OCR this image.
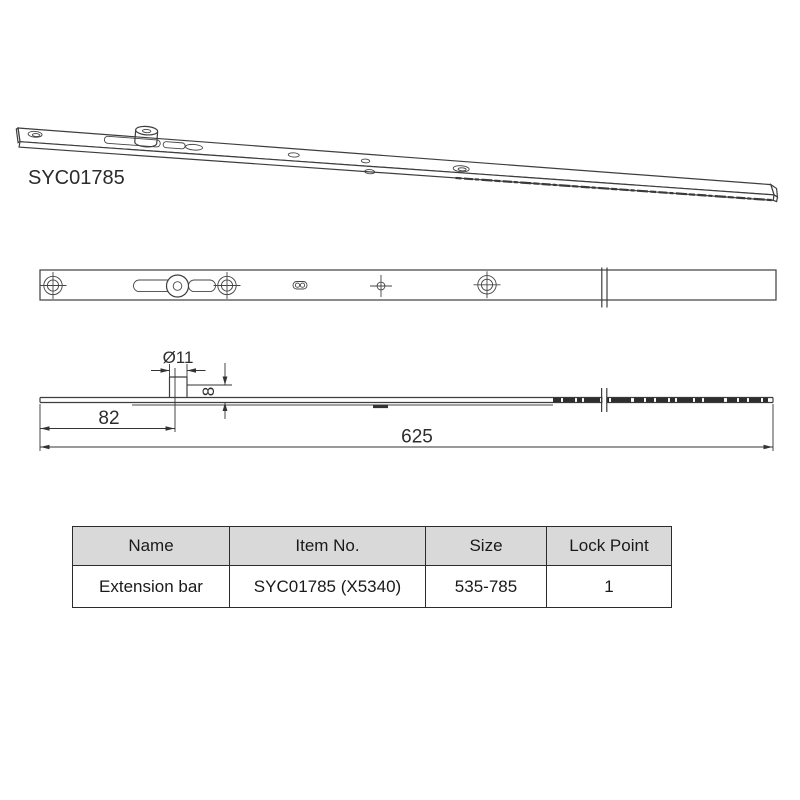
SYC01785
Ø11
8
82
625
Name	Item No.	Size	Lock Point
Extension bar	SYC01785 (X5340)	535-785	1
